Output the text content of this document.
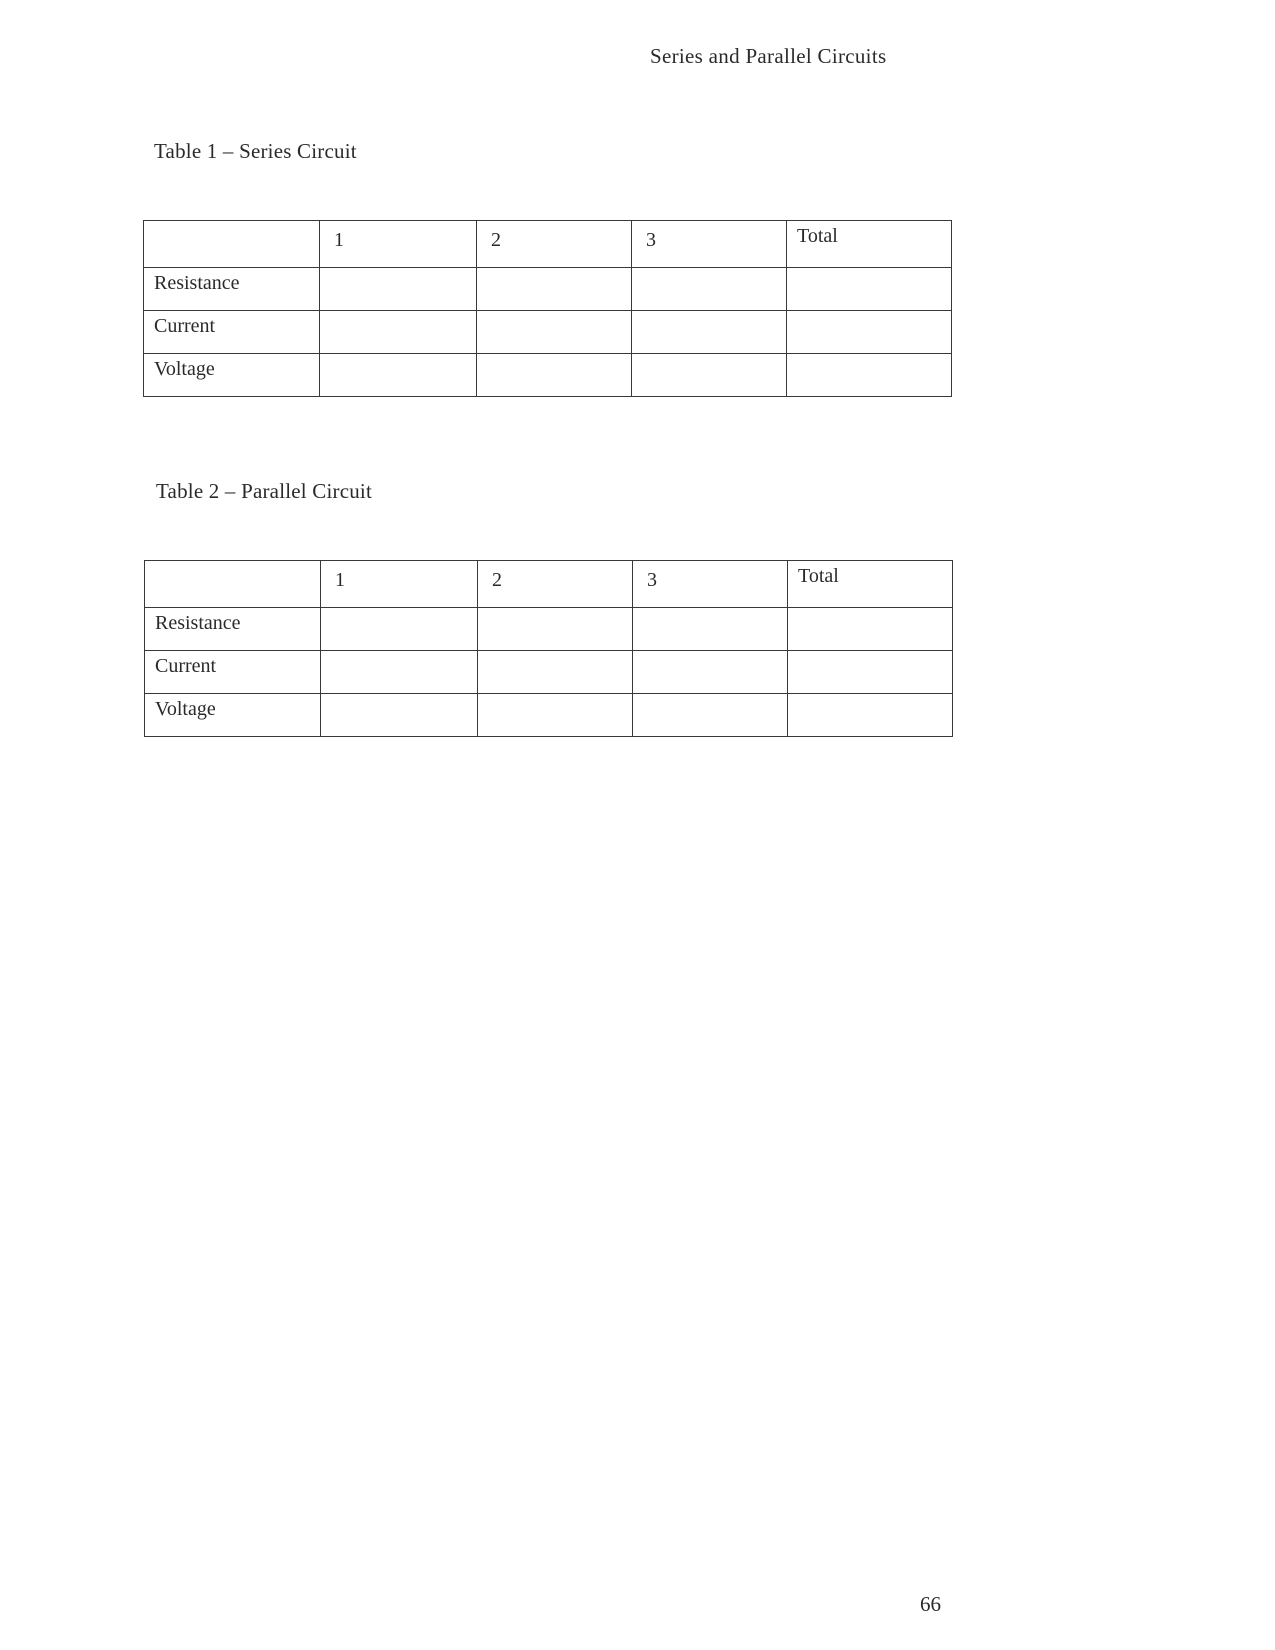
Series and Parallel Circuits
Table 1 – Series Circuit
	1	2	3	Total
Resistance				
Current				
Voltage				
Table 2 – Parallel Circuit
	1	2	3	Total
Resistance				
Current				
Voltage				
66
